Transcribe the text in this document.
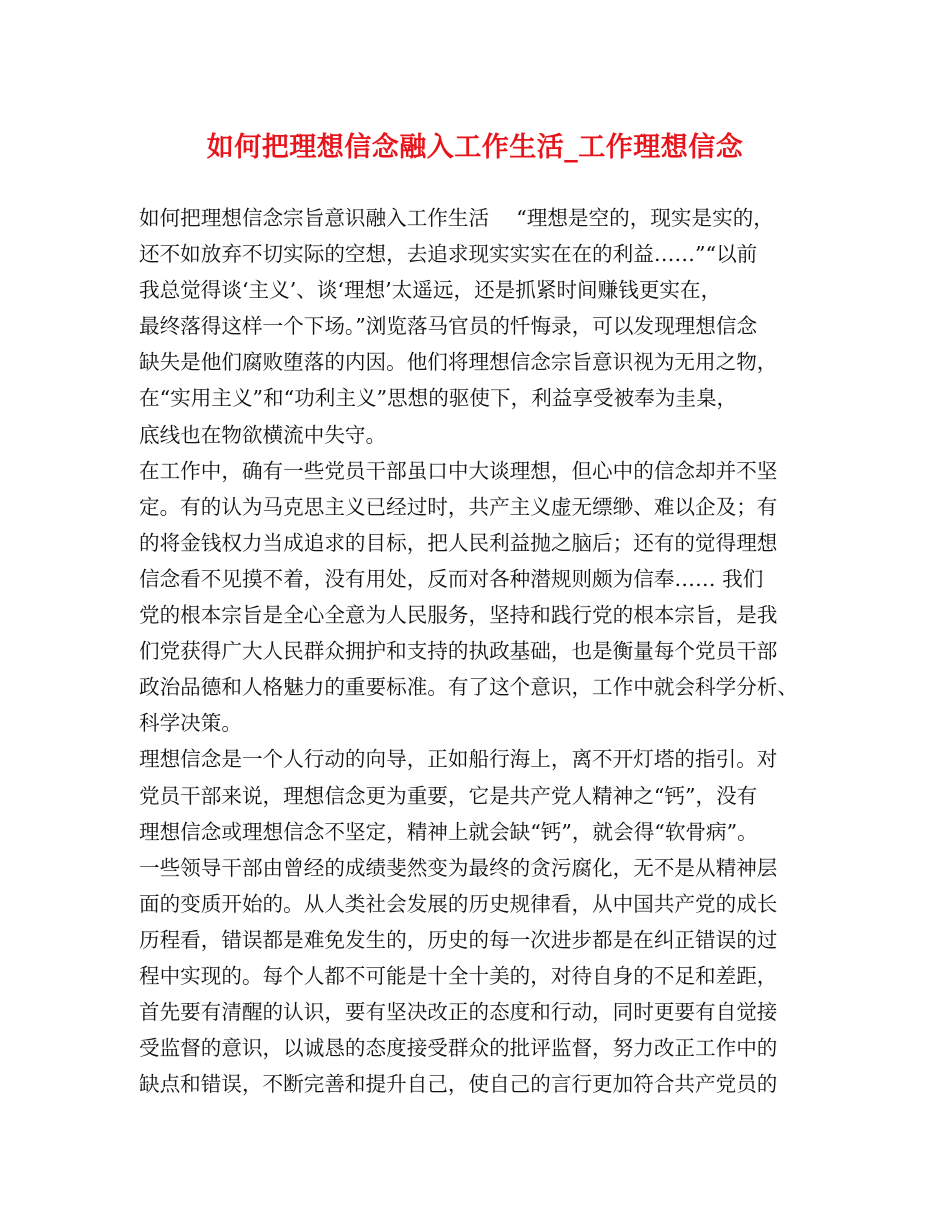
如何把理想信念融入工作生活_工作理想信念
如何把理想信念宗旨意识融入工作生活　 “理想是空的，现实是实的，
还不如放弃不切实际的空想，去追求现实实实在在的利益……”“以前
我总觉得谈‘主义’、谈‘理想’太遥远，还是抓紧时间赚钱更实在，
最终落得这样一个下场。”浏览落马官员的忏悔录，可以发现理想信念
缺失是他们腐败堕落的内因。他们将理想信念宗旨意识视为无用之物，
在“实用主义”和“功利主义”思想的驱使下，利益享受被奉为圭臬，
底线也在物欲横流中失守。
在工作中，确有一些党员干部虽口中大谈理想，但心中的信念却并不坚
定。有的认为马克思主义已经过时，共产主义虚无缥缈、难以企及；有
的将金钱权力当成追求的目标，把人民利益抛之脑后；还有的觉得理想
信念看不见摸不着，没有用处，反而对各种潜规则颇为信奉…… 我们
党的根本宗旨是全心全意为人民服务，坚持和践行党的根本宗旨，是我
们党获得广大人民群众拥护和支持的执政基础，也是衡量每个党员干部
政治品德和人格魅力的重要标准。有了这个意识，工作中就会科学分析、
科学决策。
理想信念是一个人行动的向导，正如船行海上，离不开灯塔的指引。对
党员干部来说，理想信念更为重要，它是共产党人精神之“钙”，没有
理想信念或理想信念不坚定，精神上就会缺“钙”，就会得“软骨病”。
一些领导干部由曾经的成绩斐然变为最终的贪污腐化，无不是从精神层
面的变质开始的。从人类社会发展的历史规律看，从中国共产党的成长
历程看，错误都是难免发生的，历史的每一次进步都是在纠正错误的过
程中实现的。每个人都不可能是十全十美的，对待自身的不足和差距，
首先要有清醒的认识，要有坚决改正的态度和行动，同时更要有自觉接
受监督的意识，以诚恳的态度接受群众的批评监督，努力改正工作中的
缺点和错误，不断完善和提升自己，使自己的言行更加符合共产党员的
